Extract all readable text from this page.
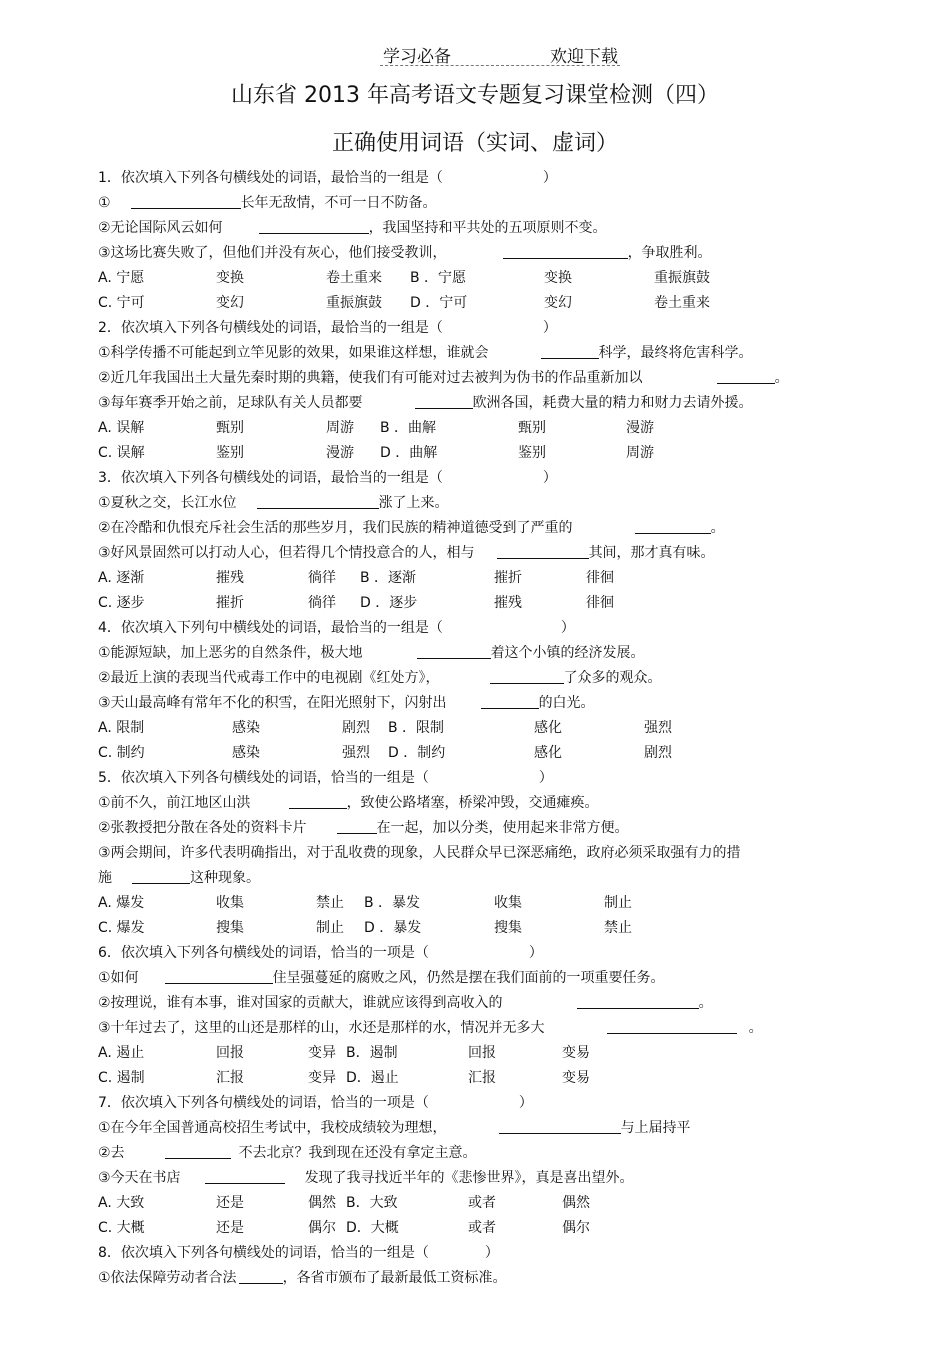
学习必备	欢迎下载
山东省 2013 年高考语文专题复习课堂检测（四）
正确使用词语（实词、虚词）
1．依次填入下列各句横线处的词语，最恰当的一组是（	）
①	长年无敌情，不可一日不防备。
②无论国际风云如何	，我国坚持和平共处的五项原则不变。
③这场比赛失败了，但他们并没有灰心，他们接受教训，	，争取胜利。
A. 宁愿	变换	卷土重来 B ．宁愿	变换	重振旗鼓
C. 宁可	变幻	重振旗鼓 D ．宁可	变幻	卷土重来
2．依次填入下列各句横线处的词语，最恰当的一组是（	）
①科学传播不可能起到立竿见影的效果，如果谁这样想，谁就会	科学，最终将危害科学。
②近几年我国出土大量先秦时期的典籍，使我们有可能对过去被判为伪书的作品重新加以	。
③每年赛季开始之前，足球队有关人员都要	欧洲各国，耗费大量的精力和财力去请外援。
A. 误解	甄别	周游 B ．曲解	甄别	漫游
C. 误解	鉴别	漫游 D ．曲解	鉴别	周游
3．依次填入下列各句横线处的词语，最恰当的一组是（	）
①夏秋之交，长江水位	涨了上来。
②在冷酷和仇恨充斥社会生活的那些岁月，我们民族的精神道德受到了严重的	。
③好风景固然可以打动人心，但若得几个情投意合的人，相与	其间，那才真有味。
A. 逐渐	摧残	徜徉 B ．逐渐	摧折	徘徊
C. 逐步	摧折	徜徉 D ．逐步	摧残	徘徊
4．依次填入下列句中横线处的词语，最恰当的一组是（	）
①能源短缺，加上恶劣的自然条件，极大地	着这个小镇的经济发展。
②最近上演的表现当代戒毒工作中的电视剧《红处方》，	了众多的观众。
③天山最高峰有常年不化的积雪，在阳光照射下，闪射出	的白光。
A. 限制	感染	剧烈 B ．限制	感化	强烈
C. 制约	感染	强烈 D ．制约	感化	剧烈
5．依次填入下列各句横线处的词语，恰当的一组是（	）
①前不久，前江地区山洪	，致使公路堵塞，桥梁冲毁，交通瘫痪。
②张教授把分散在各处的资料卡片	在一起，加以分类，使用起来非常方便。
③两会期间，许多代表明确指出，对于乱收费的现象，人民群众早已深恶痛绝，政府必须采取强有力的措
施	这种现象。
A. 爆发	收集	禁止 B ．暴发	收集	制止
C. 爆发	搜集	制止 D ．暴发	搜集	禁止
6．依次填入下列各句横线处的词语，恰当的一项是（	）
①如何	住呈强蔓延的腐败之风，仍然是摆在我们面前的一项重要任务。
②按理说，谁有本事，谁对国家的贡献大，谁就应该得到高收入的	。
③十年过去了，这里的山还是那样的山，水还是那样的水，情况并无多大	。
A. 遏止	回报	变异 B．遏制	回报	变易
C. 遏制	汇报	变异 D．遏止	汇报	变易
7．依次填入下列各句横线处的词语，恰当的一项是（	）
①在今年全国普通高校招生考试中，我校成绩较为理想，	与上届持平
②去	不去北京？我到现在还没有拿定主意。
③今天在书店	发现了我寻找近半年的《悲惨世界》，真是喜出望外。
A. 大致	还是	偶然 B．大致	或者	偶然
C. 大概	还是	偶尔 D．大概	或者	偶尔
8．依次填入下列各句横线处的词语，恰当的一组是（	）
①依法保障劳动者合法	，各省市颁布了最新最低工资标准。
